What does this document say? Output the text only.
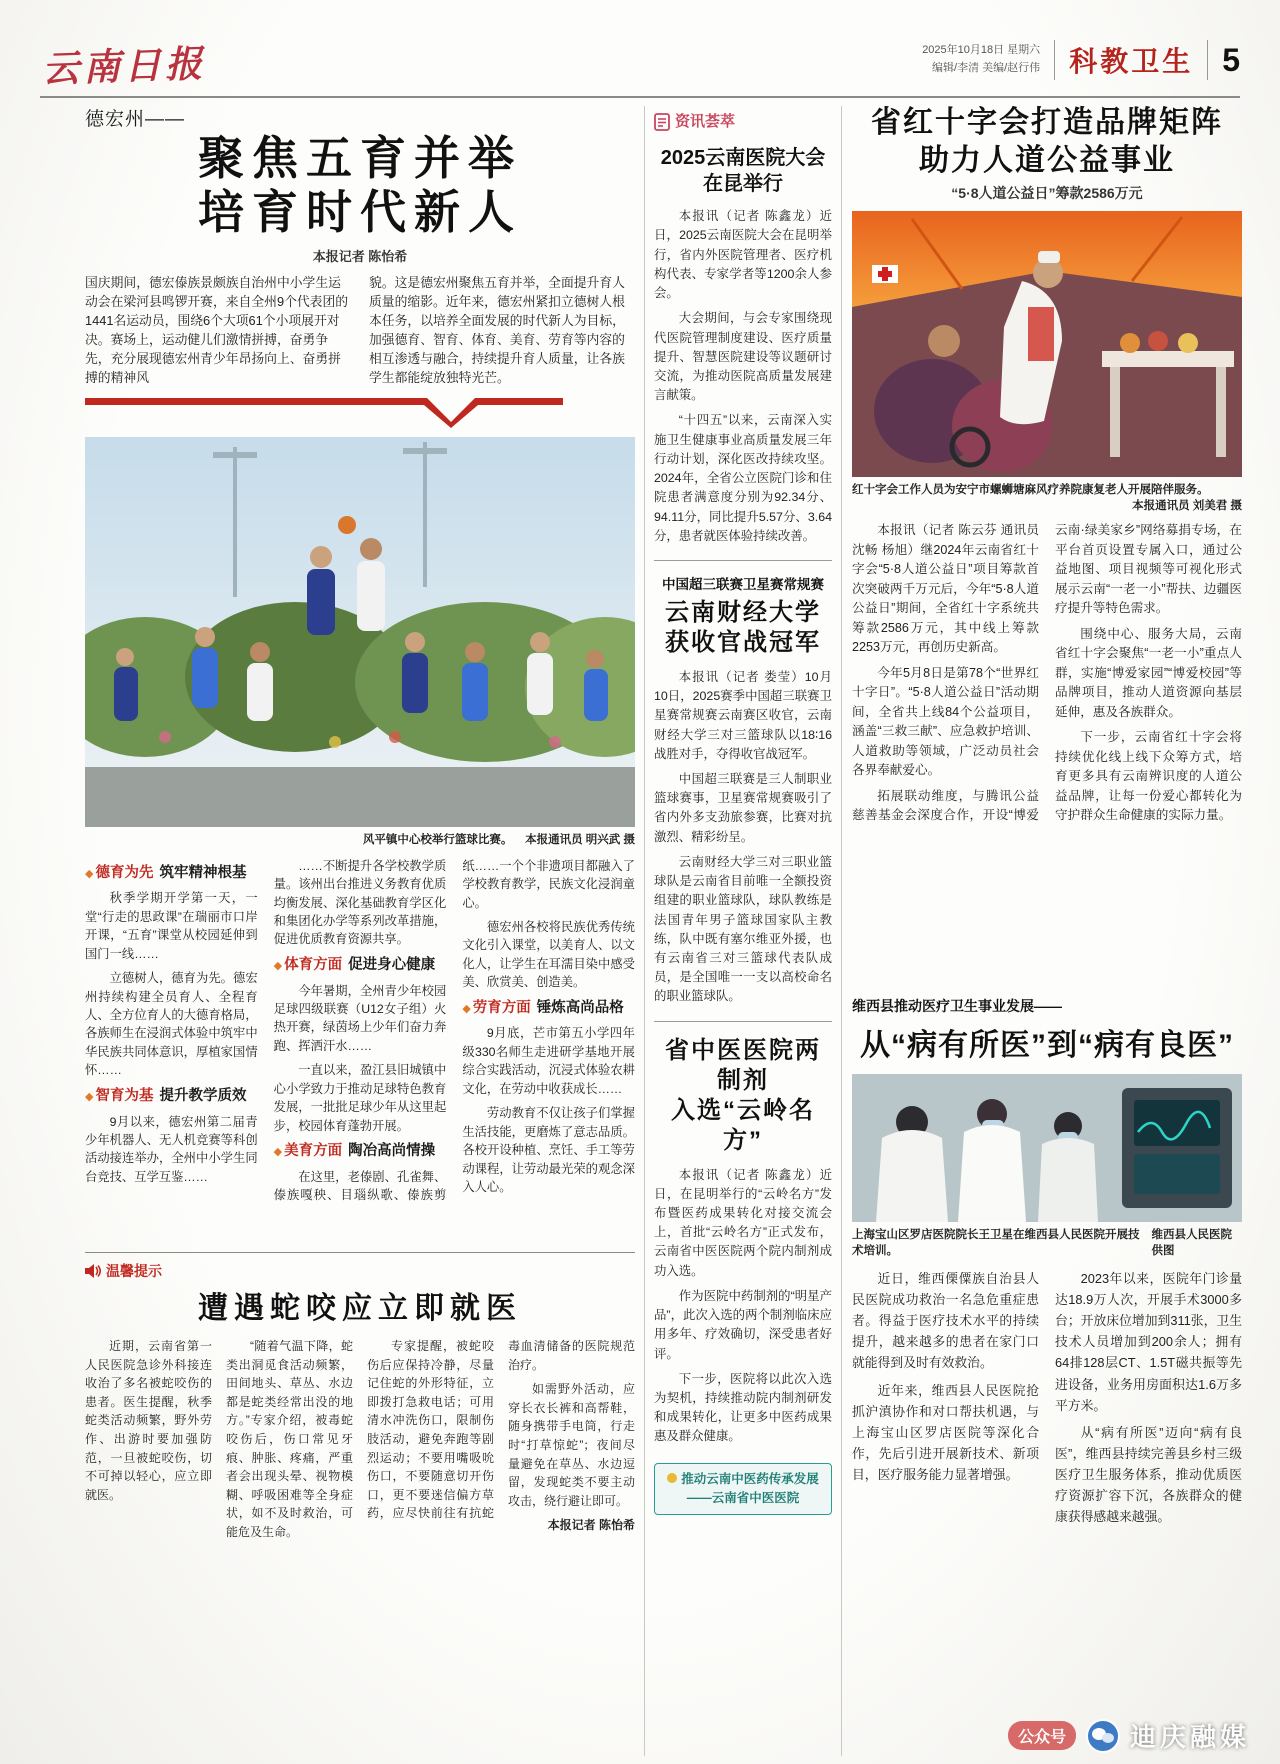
云南日报	2025年10月18日 星期六
编辑/李清 美编/赵行伟 科教卫生 5
德宏州——
聚焦五育并举
培育时代新人
本报记者 陈怡希
国庆期间，德宏傣族景颇族自治州中小学生运动会在梁河县鸣锣开赛，来自全州9个代表团的1441名运动员，围绕6个大项61个小项展开对决。赛场上，运动健儿们激情拼搏，奋勇争先，充分展现德宏州青少年昂扬向上、奋勇拼搏的精神风
貌。这是德宏州聚焦五育并举，全面提升育人质量的缩影。近年来，德宏州紧扣立德树人根本任务，以培养全面发展的时代新人为目标，加强德育、智育、体育、美育、劳育等内容的相互渗透与融合，持续提升育人质量，让各族学生都能绽放独特光芒。
风平镇中心校举行篮球比赛。 本报通讯员 明兴武 摄
◆ 德育为先 筑牢精神根基

秋季学期开学第一天，一堂“行走的思政课”在瑞丽市口岸开课，“五育”课堂从校园延伸到国门一线……

立德树人，德育为先。德宏州持续构建全员育人、全程育人、全方位育人的大德育格局，各族师生在浸润式体验中筑牢中华民族共同体意识，厚植家国情怀……

◆ 智育为基 提升教学质效

9月以来，德宏州第二届青少年机器人、无人机竞赛等科创活动接连举办，全州中小学生同台竞技、互学互鉴……

……不断提升各学校教学质量。该州出台推进义务教育优质均衡发展、深化基础教育学区化和集团化办学等系列改革措施，促进优质教育资源共享。

◆ 体育方面 促进身心健康

今年暑期，全州青少年校园足球四级联赛（U12女子组）火热开赛，绿茵场上少年们奋力奔跑、挥洒汗水……

一直以来，盈江县旧城镇中心小学致力于推动足球特色教育发展，一批批足球少年从这里起步，校园体育蓬勃开展。

◆ 美育方面 陶冶高尚情操

在这里，老傣剧、孔雀舞、傣族嘎秧、目瑙纵歌、傣族剪纸……一个个非遗项目都融入了学校教育教学，民族文化浸润童心。

德宏州各校将民族优秀传统文化引入课堂，以美育人、以文化人，让学生在耳濡目染中感受美、欣赏美、创造美。

◆ 劳育方面 锤炼高尚品格

9月底，芒市第五小学四年级330名师生走进研学基地开展综合实践活动，沉浸式体验农耕文化，在劳动中收获成长……

劳动教育不仅让孩子们掌握生活技能，更磨炼了意志品质。各校开设种植、烹饪、手工等劳动课程，让劳动最光荣的观念深入人心。

温馨提示
遭遇蛇咬应立即就医

近期，云南省第一人民医院急诊外科接连收治了多名被蛇咬伤的患者。医生提醒，秋季蛇类活动频繁，野外劳作、出游时要加强防范，一旦被蛇咬伤，切不可掉以轻心，应立即就医。

“随着气温下降，蛇类出洞觅食活动频繁，田间地头、草丛、水边都是蛇类经常出没的地方。”专家介绍，被毒蛇咬伤后，伤口常见牙痕、肿胀、疼痛，严重者会出现头晕、视物模糊、呼吸困难等全身症状，如不及时救治，可能危及生命。

专家提醒，被蛇咬伤后应保持冷静，尽量记住蛇的外形特征，立即拨打急救电话；可用清水冲洗伤口，限制伤肢活动，避免奔跑等剧烈运动；不要用嘴吸吮伤口，不要随意切开伤口，更不要迷信偏方草药，应尽快前往有抗蛇毒血清储备的医院规范治疗。

如需野外活动，应穿长衣长裤和高帮鞋，随身携带手电筒，行走时“打草惊蛇”；夜间尽量避免在草丛、水边逗留，发现蛇类不要主动攻击，绕行避让即可。

本报记者 陈怡希

资讯荟萃
2025云南医院大会在昆举行

本报讯（记者 陈鑫龙）近日，2025云南医院大会在昆明举行，省内外医院管理者、医疗机构代表、专家学者等1200余人参会。

大会期间，与会专家围绕现代医院管理制度建设、医疗质量提升、智慧医院建设等议题研讨交流，为推动医院高质量发展建言献策。

“十四五”以来，云南深入实施卫生健康事业高质量发展三年行动计划，深化医改持续攻坚。2024年，全省公立医院门诊和住院患者满意度分别为92.34分、94.11分，同比提升5.57分、3.64分，患者就医体验持续改善。

中国超三联赛卫星赛常规赛
云南财经大学
获收官战冠军

本报讯（记者 娄莹）10月10日，2025赛季中国超三联赛卫星赛常规赛云南赛区收官，云南财经大学三对三篮球队以18∶16战胜对手，夺得收官战冠军。

中国超三联赛是三人制职业篮球赛事，卫星赛常规赛吸引了省内外多支劲旅参赛，比赛对抗激烈、精彩纷呈。

云南财经大学三对三职业篮球队是云南省目前唯一全额投资组建的职业篮球队，球队教练是法国青年男子篮球国家队主教练，队中既有塞尔维亚外援，也有云南省三对三篮球代表队成员，是全国唯一一支以高校命名的职业篮球队。

省中医医院两制剂
入选“云岭名方”

本报讯（记者 陈鑫龙）近日，在昆明举行的“云岭名方”发布暨医药成果转化对接交流会上，首批“云岭名方”正式发布，云南省中医医院两个院内制剂成功入选。

作为医院中药制剂的“明星产品”，此次入选的两个制剂临床应用多年、疗效确切，深受患者好评。

下一步，医院将以此次入选为契机，持续推动院内制剂研发和成果转化，让更多中医药成果惠及群众健康。

推动云南中医药传承发展
——云南省中医医院
省红十字会打造品牌矩阵
助力人道公益事业
“5·8人道公益日”筹款2586万元
红十字会工作人员为安宁市螺蛳塘麻风疗养院康复老人开展陪伴服务。
本报通讯员 刘美君 摄

本报讯（记者 陈云芬 通讯员 沈畅 杨旭）继2024年云南省红十字会“5·8人道公益日”项目筹款首次突破两千万元后，今年“5·8人道公益日”期间，全省红十字系统共筹款2586万元，其中线上筹款2253万元，再创历史新高。

今年5月8日是第78个“世界红十字日”。“5·8人道公益日”活动期间，全省共上线84个公益项目，涵盖“三救三献”、应急救护培训、人道救助等领域，广泛动员社会各界奉献爱心。

拓展联动维度，与腾讯公益慈善基金会深度合作，开设“博爱云南·绿美家乡”网络募捐专场，在平台首页设置专属入口，通过公益地图、项目视频等可视化形式展示云南“一老一小”帮扶、边疆医疗提升等特色需求。

围绕中心、服务大局，云南省红十字会聚焦“一老一小”重点人群，实施“博爱家园”“博爱校园”等品牌项目，推动人道资源向基层延伸，惠及各族群众。

下一步，云南省红十字会将持续优化线上线下众筹方式，培育更多具有云南辨识度的人道公益品牌，让每一份爱心都转化为守护群众生命健康的实际力量。

维西县推动医疗卫生事业发展——
从“病有所医”到“病有良医”
上海宝山区罗店医院院长王卫星在维西县人民医院开展技术培训。
维西县人民医院供图

近日，维西傈僳族自治县人民医院成功救治一名急危重症患者。得益于医疗技术水平的持续提升，越来越多的患者在家门口就能得到及时有效救治。

近年来，维西县人民医院抢抓沪滇协作和对口帮扶机遇，与上海宝山区罗店医院等深化合作，先后引进开展新技术、新项目，医疗服务能力显著增强。

2023年以来，医院年门诊量达18.9万人次，开展手术3000多台；开放床位增加到311张，卫生技术人员增加到200余人；拥有64排128层CT、1.5T磁共振等先进设备，业务用房面积达1.6万多平方米。

从“病有所医”迈向“病有良医”，维西县持续完善县乡村三级医疗卫生服务体系，推动优质医疗资源扩容下沉，各族群众的健康获得感越来越强。

公众号	迪庆融媒
